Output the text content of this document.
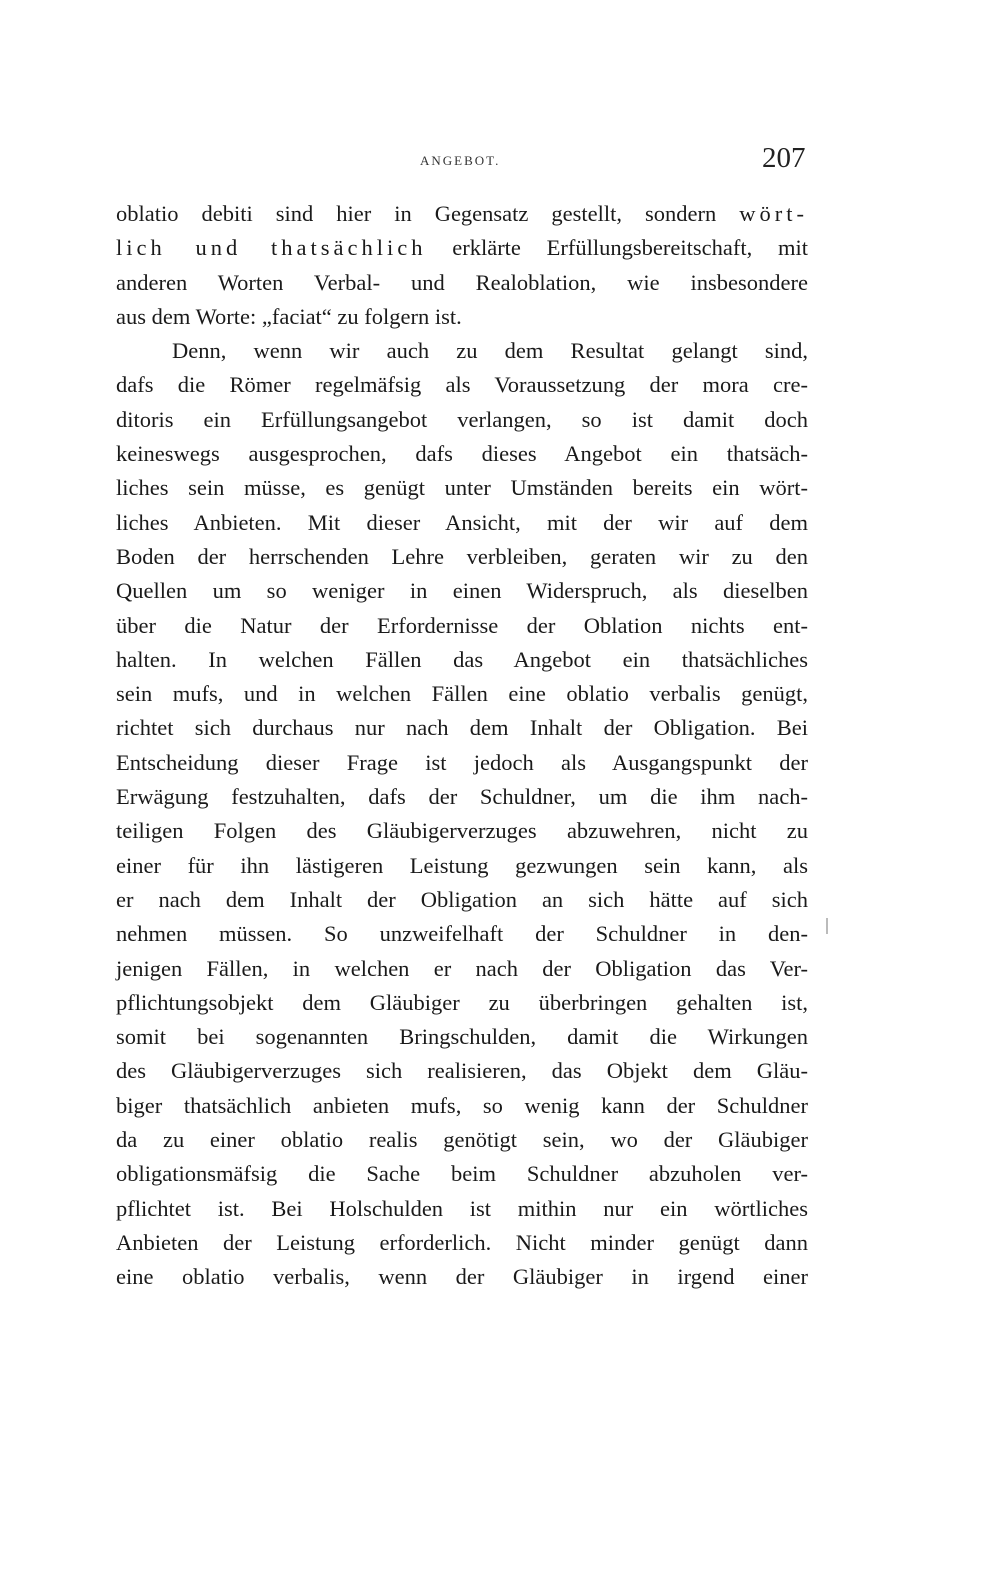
ANGEBOT.	207
oblatio debiti sind hier in Gegensatz gestellt, sondern wört-
lich und thatsächlich erklärte Erfüllungsbereitschaft, mit
anderen Worten Verbal- und Realoblation, wie insbesondere
aus dem Worte: „faciat“ zu folgern ist.
Denn, wenn wir auch zu dem Resultat gelangt sind,
dafs die Römer regelmäfsig als Voraussetzung der mora cre-
ditoris ein Erfüllungsangebot verlangen, so ist damit doch
keineswegs ausgesprochen, dafs dieses Angebot ein thatsäch-
liches sein müsse, es genügt unter Umständen bereits ein wört-
liches Anbieten. Mit dieser Ansicht, mit der wir auf dem
Boden der herrschenden Lehre verbleiben, geraten wir zu den
Quellen um so weniger in einen Widerspruch, als dieselben
über die Natur der Erfordernisse der Oblation nichts ent-
halten. In welchen Fällen das Angebot ein thatsächliches
sein mufs, und in welchen Fällen eine oblatio verbalis genügt,
richtet sich durchaus nur nach dem Inhalt der Obligation. Bei
Entscheidung dieser Frage ist jedoch als Ausgangspunkt der
Erwägung festzuhalten, dafs der Schuldner, um die ihm nach-
teiligen Folgen des Gläubigerverzuges abzuwehren, nicht zu
einer für ihn lästigeren Leistung gezwungen sein kann, als
er nach dem Inhalt der Obligation an sich hätte auf sich
nehmen müssen. So unzweifelhaft der Schuldner in den-
jenigen Fällen, in welchen er nach der Obligation das Ver-
pflichtungsobjekt dem Gläubiger zu überbringen gehalten ist,
somit bei sogenannten Bringschulden, damit die Wirkungen
des Gläubigerverzuges sich realisieren, das Objekt dem Gläu-
biger thatsächlich anbieten mufs, so wenig kann der Schuldner
da zu einer oblatio realis genötigt sein, wo der Gläubiger
obligationsmäfsig die Sache beim Schuldner abzuholen ver-
pflichtet ist. Bei Holschulden ist mithin nur ein wörtliches
Anbieten der Leistung erforderlich. Nicht minder genügt dann
eine oblatio verbalis, wenn der Gläubiger in irgend einer
